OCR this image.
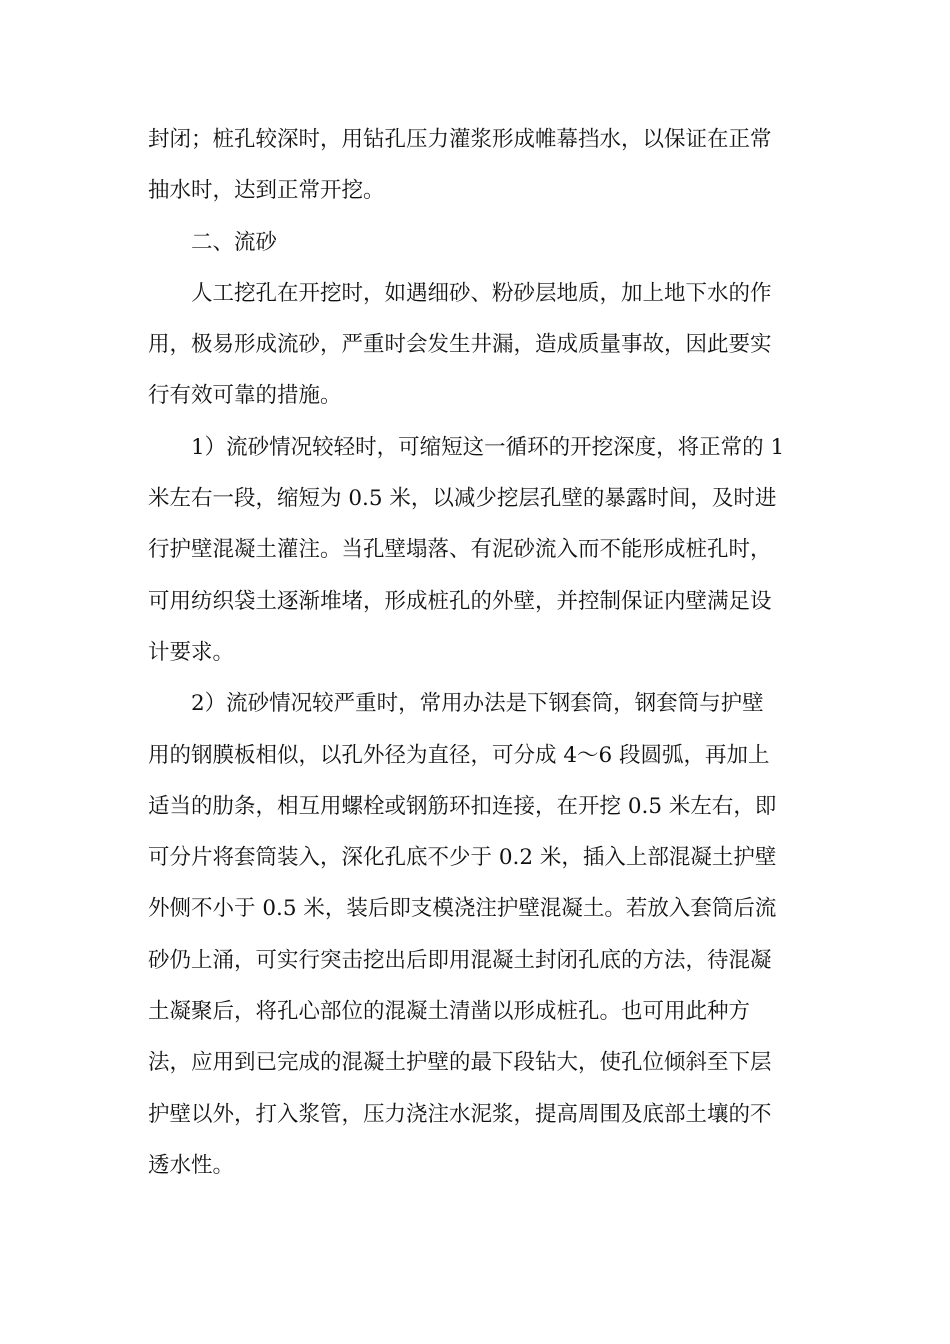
封闭；桩孔较深时，用钻孔压力灌浆形成帷幕挡水，以保证在正常
抽水时，达到正常开挖。
二、流砂
人工挖孔在开挖时，如遇细砂、粉砂层地质，加上地下水的作
用，极易形成流砂，严重时会发生井漏，造成质量事故，因此要实
行有效可靠的措施。
1）流砂情况较轻时，可缩短这一循环的开挖深度，将正常的 1
米左右一段，缩短为 0.5 米，以减少挖层孔壁的暴露时间，及时进
行护壁混凝土灌注。当孔壁塌落、有泥砂流入而不能形成桩孔时，
可用纺织袋土逐渐堆堵，形成桩孔的外壁，并控制保证内壁满足设
计要求。
2）流砂情况较严重时，常用办法是下钢套筒，钢套筒与护壁
用的钢膜板相似，以孔外径为直径，可分成 4～6 段圆弧，再加上
适当的肋条，相互用螺栓或钢筋环扣连接，在开挖 0.5 米左右，即
可分片将套筒装入，深化孔底不少于 0.2 米，插入上部混凝土护壁
外侧不小于 0.5 米，装后即支模浇注护壁混凝土。若放入套筒后流
砂仍上涌，可实行突击挖出后即用混凝土封闭孔底的方法，待混凝
土凝聚后，将孔心部位的混凝土清凿以形成桩孔。也可用此种方
法，应用到已完成的混凝土护壁的最下段钻大，使孔位倾斜至下层
护壁以外，打入浆管，压力浇注水泥浆，提高周围及底部土壤的不
透水性。
